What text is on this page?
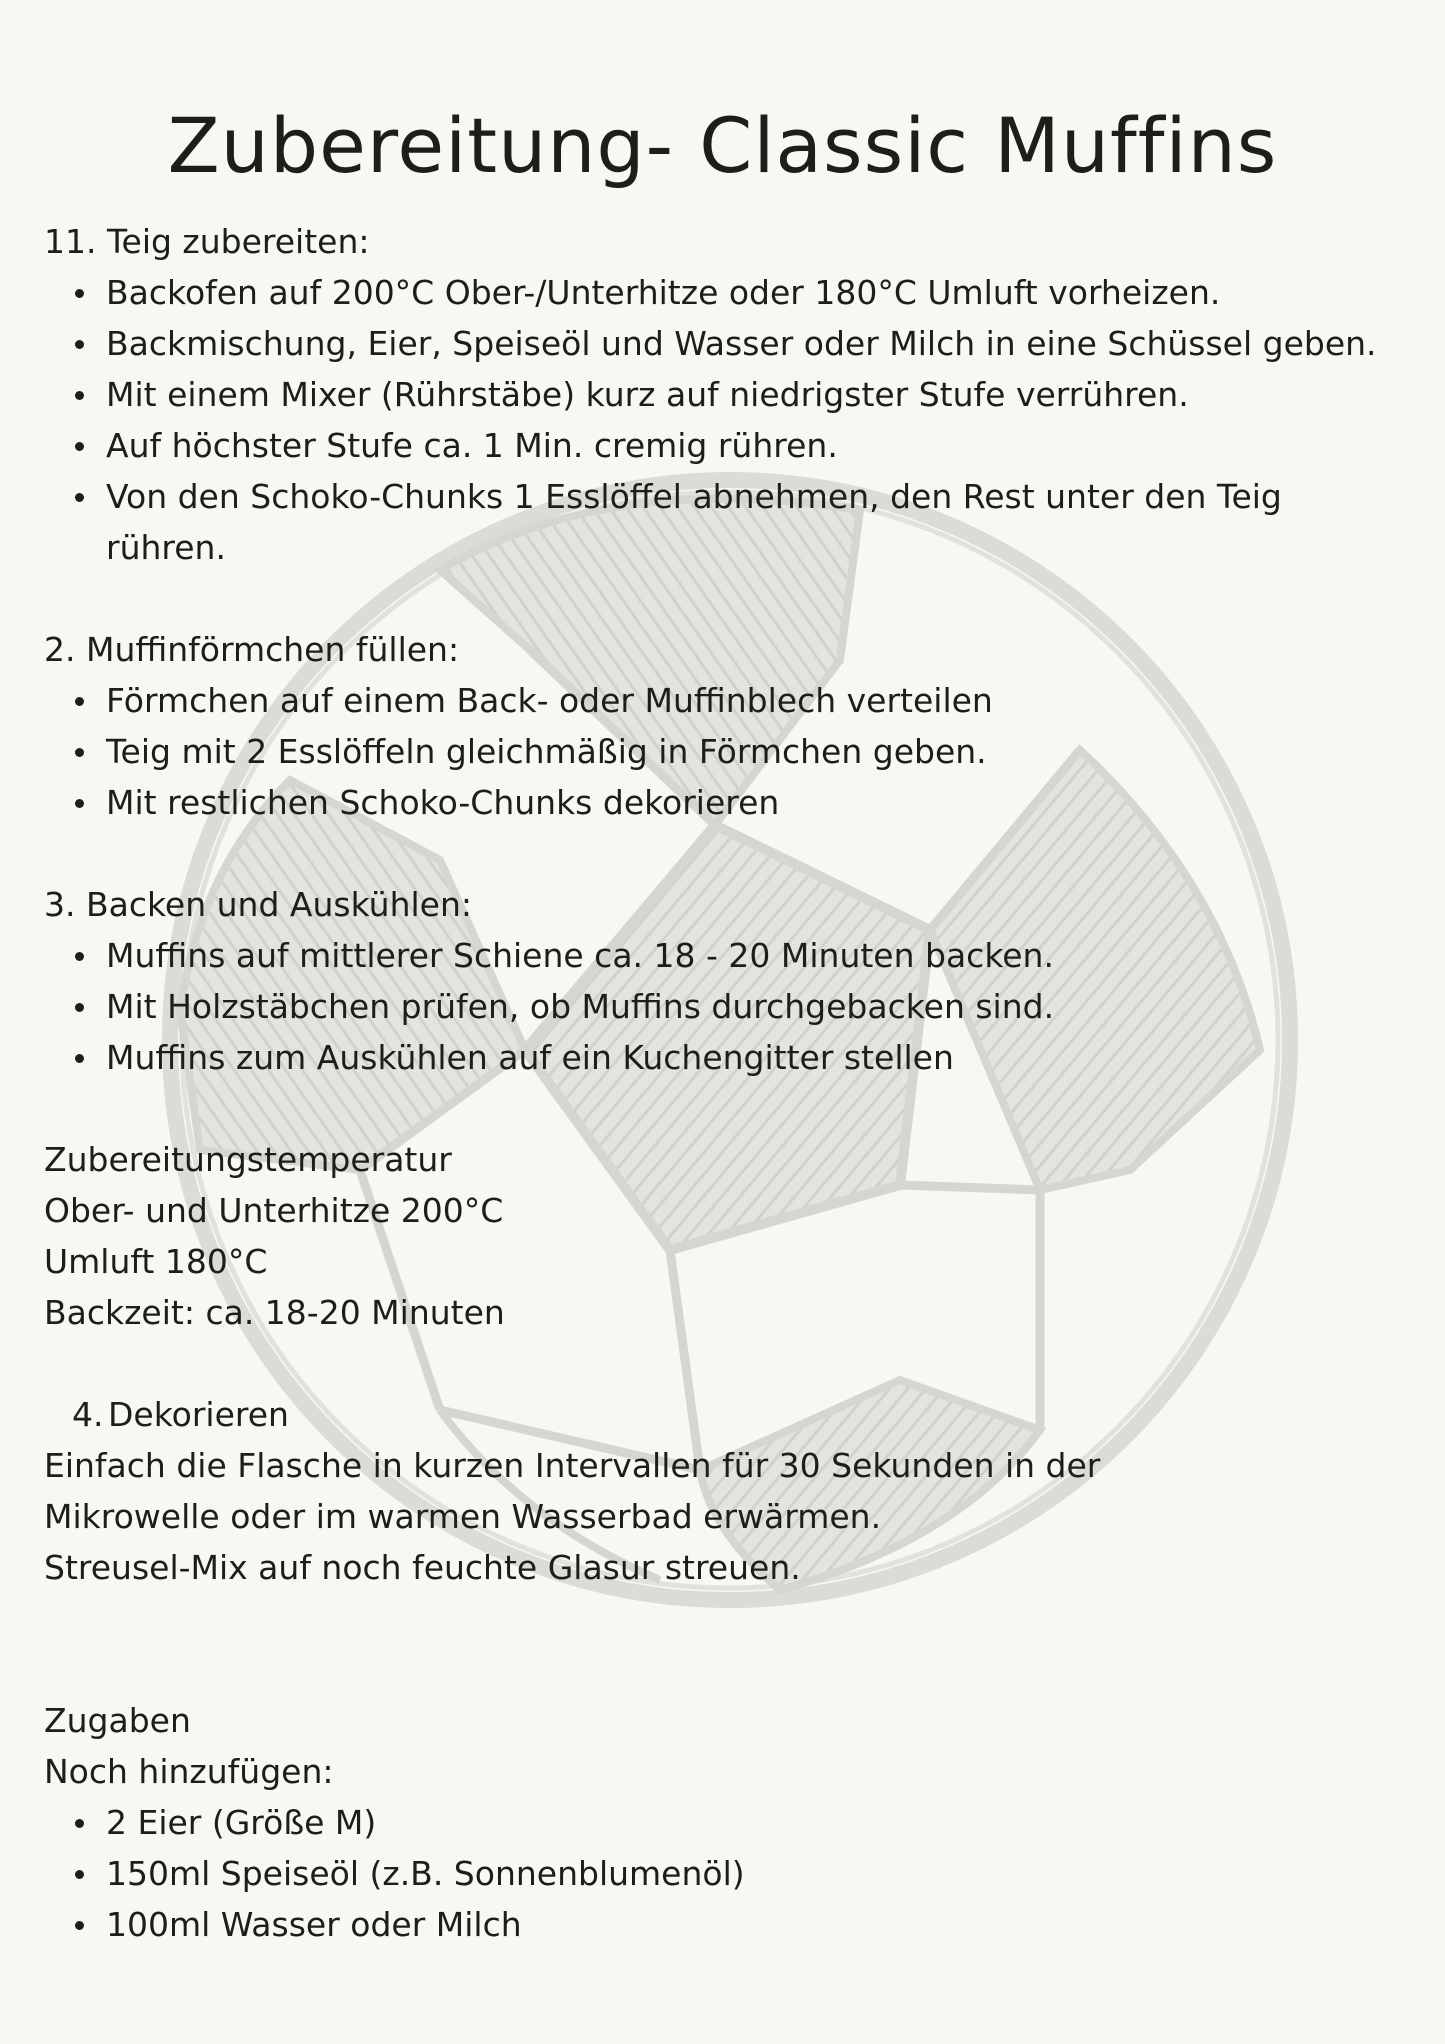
Zubereitung- Classic Muffins
11. Teig zubereiten:
Backofen auf 200°C Ober-/Unterhitze oder 180°C Umluft vorheizen.
Backmischung, Eier, Speiseöl und Wasser oder Milch in eine Schüssel geben.
Mit einem Mixer (Rührstäbe) kurz auf niedrigster Stufe verrühren.
Auf höchster Stufe ca. 1 Min. cremig rühren.
Von den Schoko-Chunks 1 Esslöffel abnehmen, den Rest unter den Teig rühren.
2. Muffinförmchen füllen:
Förmchen auf einem Back- oder Muffinblech verteilen
Teig mit 2 Esslöffeln gleichmäßig in Förmchen geben.
Mit restlichen Schoko-Chunks dekorieren
3. Backen und Auskühlen:
Muffins auf mittlerer Schiene ca. 18 - 20 Minuten backen.
Mit Holzstäbchen prüfen, ob Muffins durchgebacken sind.
Muffins zum Auskühlen auf ein Kuchengitter stellen
Zubereitungstemperatur
Ober- und Unterhitze 200°C
Umluft 180°C
Backzeit: ca. 18-20 Minuten
4. Dekorieren
Einfach die Flasche in kurzen Intervallen für 30 Sekunden in der
Mikrowelle oder im warmen Wasserbad erwärmen.
Streusel-Mix auf noch feuchte Glasur streuen.
Zugaben
Noch hinzufügen:
2 Eier (Größe M)
150ml Speiseöl (z.B. Sonnenblumenöl)
100ml Wasser oder Milch
